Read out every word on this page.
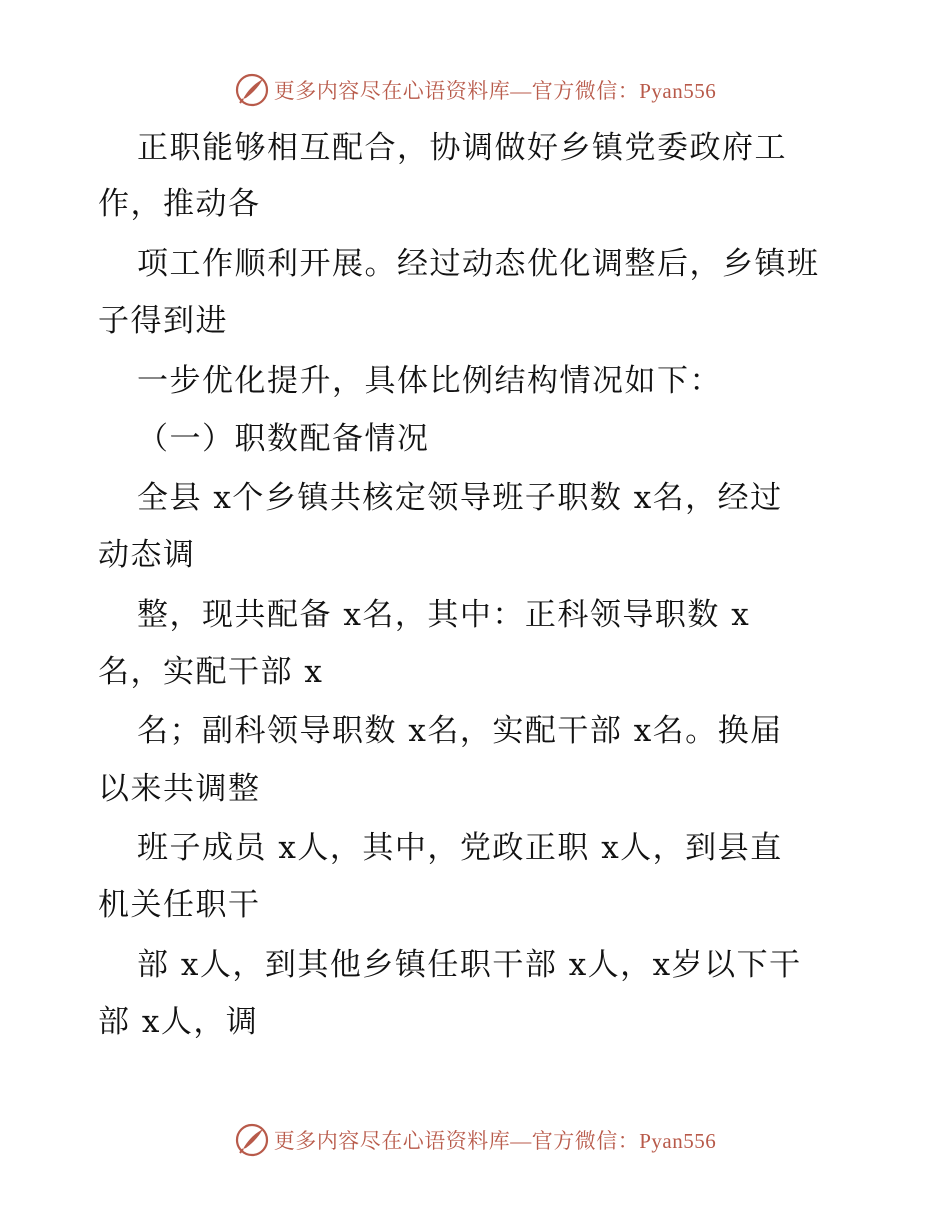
更多内容尽在心语资料库—官方微信：Pyan556
正职能够相互配合，协调做好乡镇党委政府工
作，推动各
项工作顺利开展。经过动态优化调整后，乡镇班
子得到进
一步优化提升，具体比例结构情况如下：
（一）职数配备情况
全县 x个乡镇共核定领导班子职数 x名，经过
动态调
整，现共配备 x名，其中：正科领导职数 x
名，实配干部 x
名；副科领导职数 x名，实配干部 x名。换届
以来共调整
班子成员 x人，其中，党政正职 x人，到县直
机关任职干
部 x人，到其他乡镇任职干部 x人，x岁以下干
部 x人，调
更多内容尽在心语资料库—官方微信：Pyan556
